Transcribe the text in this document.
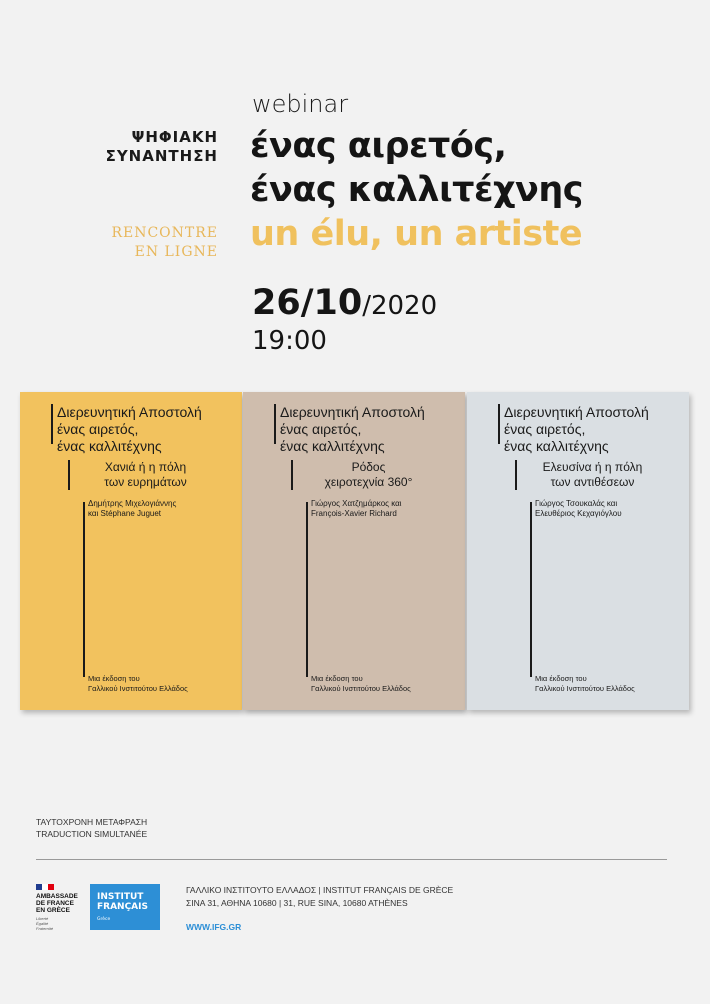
ΨΗΦΙΑΚΗ
ΣΥΝΑΝΤΗΣΗ
RENCONTRE
EN LIGNE
webinar
ένας αιρετός,
ένας καλλιτέχνης
un élu, un artiste
26/10/2020
19:00
Διερευνητική Αποστολή
ένας αιρετός,
ένας καλλιτέχνης
Χανιά ή η πόλη
των ευρημάτων
Δημήτρης Μιχελογιάννης
και Stéphane Juguet
Μια έκδοση του
Γαλλικού Ινστιτούτου Ελλάδος
Διερευνητική Αποστολή
ένας αιρετός,
ένας καλλιτέχνης
Ρόδος
χειροτεχνία 360°
Γιώργος Χατζημάρκος και
François-Xavier Richard
Μια έκδοση του
Γαλλικού Ινστιτούτου Ελλάδος
Διερευνητική Αποστολή
ένας αιρετός,
ένας καλλιτέχνης
Ελευσίνα ή η πόλη
των αντιθέσεων
Γιώργος Τσουκαλάς και
Ελευθέριος Κεχαγιόγλου
Μια έκδοση του
Γαλλικού Ινστιτούτου Ελλάδος
ΤΑΥΤΟΧΡΟΝΗ ΜΕΤΑΦΡΑΣΗ
TRADUCTION SIMULTANÉE
AMBASSADE
DE FRANCE
EN GRÈCE
Liberté
Égalité
Fraternité
INSTITUT
FRANÇAIS
Grèce
ΓΑΛΛΙΚΟ ΙΝΣΤΙΤΟΥΤΟ ΕΛΛΑΔΟΣ | INSTITUT FRANÇAIS DE GRÈCE
ΣΙΝΑ 31, ΑΘΗΝΑ 10680 | 31, RUE SINA, 10680 ATHÈNES
WWW.IFG.GR
